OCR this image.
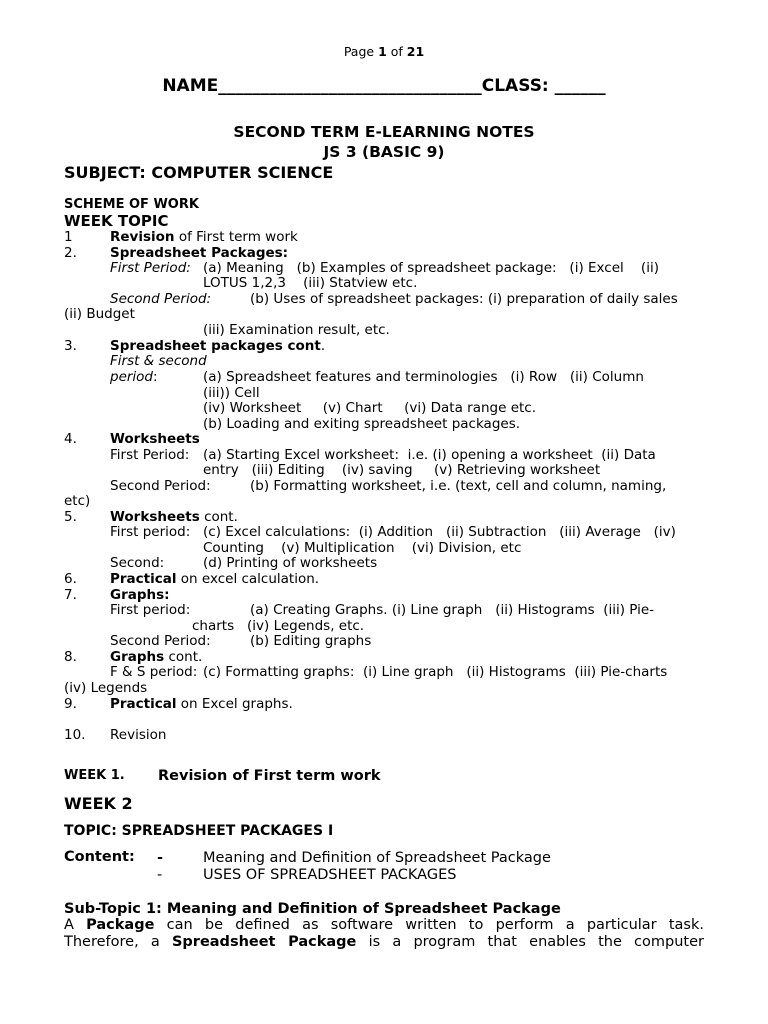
Page 1 of 21
NAME_______________________________CLASS: ______
SECOND TERM E-LEARNING NOTES
JS 3 (BASIC 9)
SUBJECT: COMPUTER SCIENCE
SCHEME OF WORK
WEEK TOPIC
1	Revision of First term work
2. Spreadsheet Packages:
First Period: (a) Meaning   (b) Examples of spreadsheet package:   (i) Excel    (ii)
LOTUS 1,2,3    (iii) Statview etc.
Second Period:	(b) Uses of spreadsheet packages: (i) preparation of daily sales
(ii) Budget
(iii) Examination result, etc.
3. Spreadsheet packages cont.
First & second
period:	(a) Spreadsheet features and terminologies   (i) Row   (ii) Column
(iii)) Cell
(iv) Worksheet     (v) Chart     (vi) Data range etc.
(b) Loading and exiting spreadsheet packages.
4. Worksheets
First Period: (a) Starting Excel worksheet:  i.e. (i) opening a worksheet  (ii) Data
entry   (iii) Editing    (iv) saving     (v) Retrieving worksheet
Second Period:	(b) Formatting worksheet, i.e. (text, cell and column, naming,
etc)
5. Worksheets cont.
First period: (c) Excel calculations:  (i) Addition   (ii) Subtraction   (iii) Average   (iv)
Counting    (v) Multiplication    (vi) Division, etc
Second:	(d) Printing of worksheets
6. Practical on excel calculation.
7. Graphs:
First period:	(a) Creating Graphs. (i) Line graph   (ii) Histograms  (iii) Pie-
charts   (iv) Legends, etc.
Second Period:	(b) Editing graphs
8. Graphs cont.
F & S period: (c) Formatting graphs:  (i) Line graph   (ii) Histograms  (iii) Pie-charts
(iv) Legends
9. Practical on Excel graphs.
10. Revision
WEEK 1. Revision of First term work
WEEK 2
TOPIC: SPREADSHEET PACKAGES I
Content: -	Meaning and Definition of Spreadsheet Package
-	USES OF SPREADSHEET PACKAGES
Sub-Topic 1: Meaning and Definition of Spreadsheet Package
A Package can be defined as software written to perform a particular task.
Therefore, a Spreadsheet Package is a program that enables the computer
